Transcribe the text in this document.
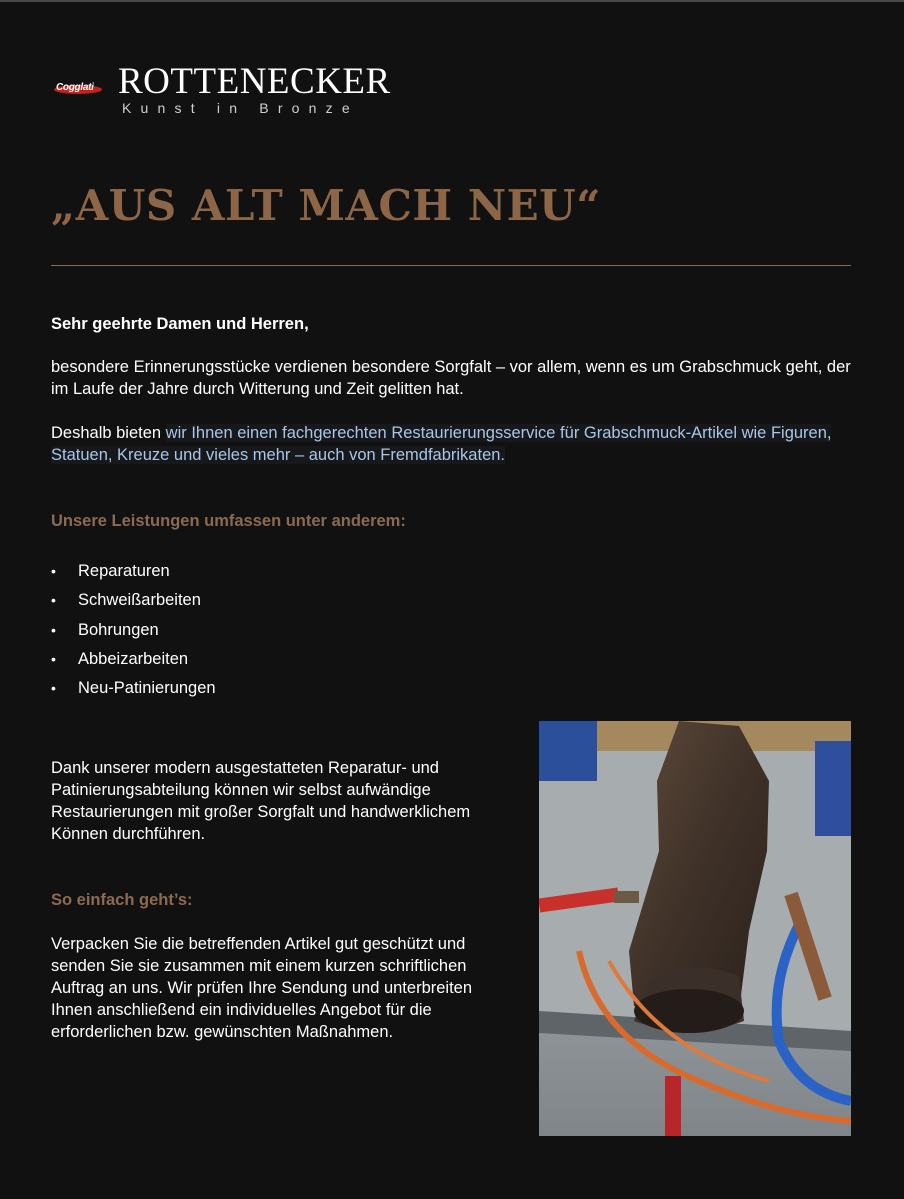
Cogglati ROTTENECKER
Kunst in Bronze
„AUS ALT MACH NEU“
Sehr geehrte Damen und Herren,
besondere Erinnerungsstücke verdienen besondere Sorgfalt – vor allem, wenn es um Grabschmuck geht, der im Laufe der Jahre durch Witterung und Zeit gelitten hat.
Deshalb bieten wir Ihnen einen fachgerechten Restaurierungsservice für Grabschmuck-Artikel wie Figuren, Statuen, Kreuze und vieles mehr – auch von Fremdfabrikaten.
Unsere Leistungen umfassen unter anderem:
• Reparaturen
• Schweißarbeiten
• Bohrungen
• Abbeizarbeiten
• Neu-Patinierungen
Dank unserer modern ausgestatteten Reparatur- und Patinierungsabteilung können wir selbst aufwändige Restaurierungen mit großer Sorgfalt und handwerklichem Können durchführen.
So einfach geht’s:
Verpacken Sie die betreffenden Artikel gut geschützt und senden Sie sie zusammen mit einem kurzen schriftlichen Auftrag an uns. Wir prüfen Ihre Sendung und unterbreiten Ihnen anschließend ein individuelles Angebot für die erforderlichen bzw. gewünschten Maßnahmen.
